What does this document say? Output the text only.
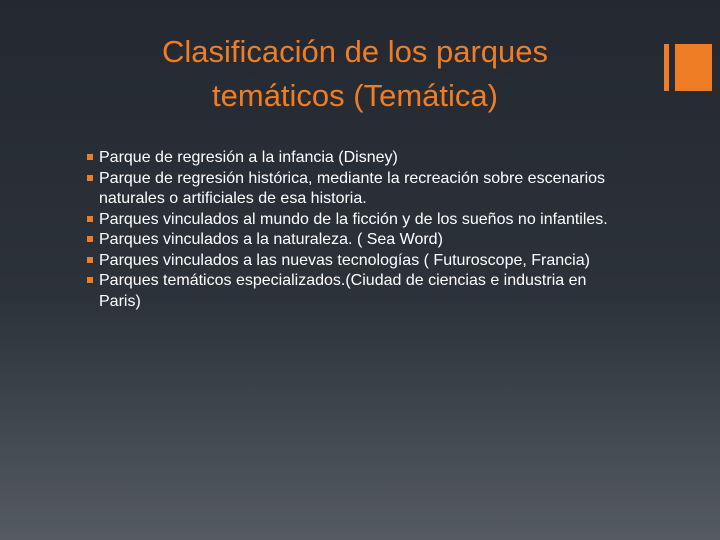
Clasificación de los parques temáticos (Temática)
Parque de regresión a la infancia (Disney)
Parque de regresión histórica, mediante la recreación sobre escenarios naturales o artificiales de esa historia.
Parques vinculados al mundo de la ficción y de los sueños no infantiles.
Parques vinculados a la naturaleza. ( Sea Word)
Parques vinculados a las nuevas tecnologías ( Futuroscope, Francia)
Parques temáticos especializados.(Ciudad de ciencias e industria en Paris)
